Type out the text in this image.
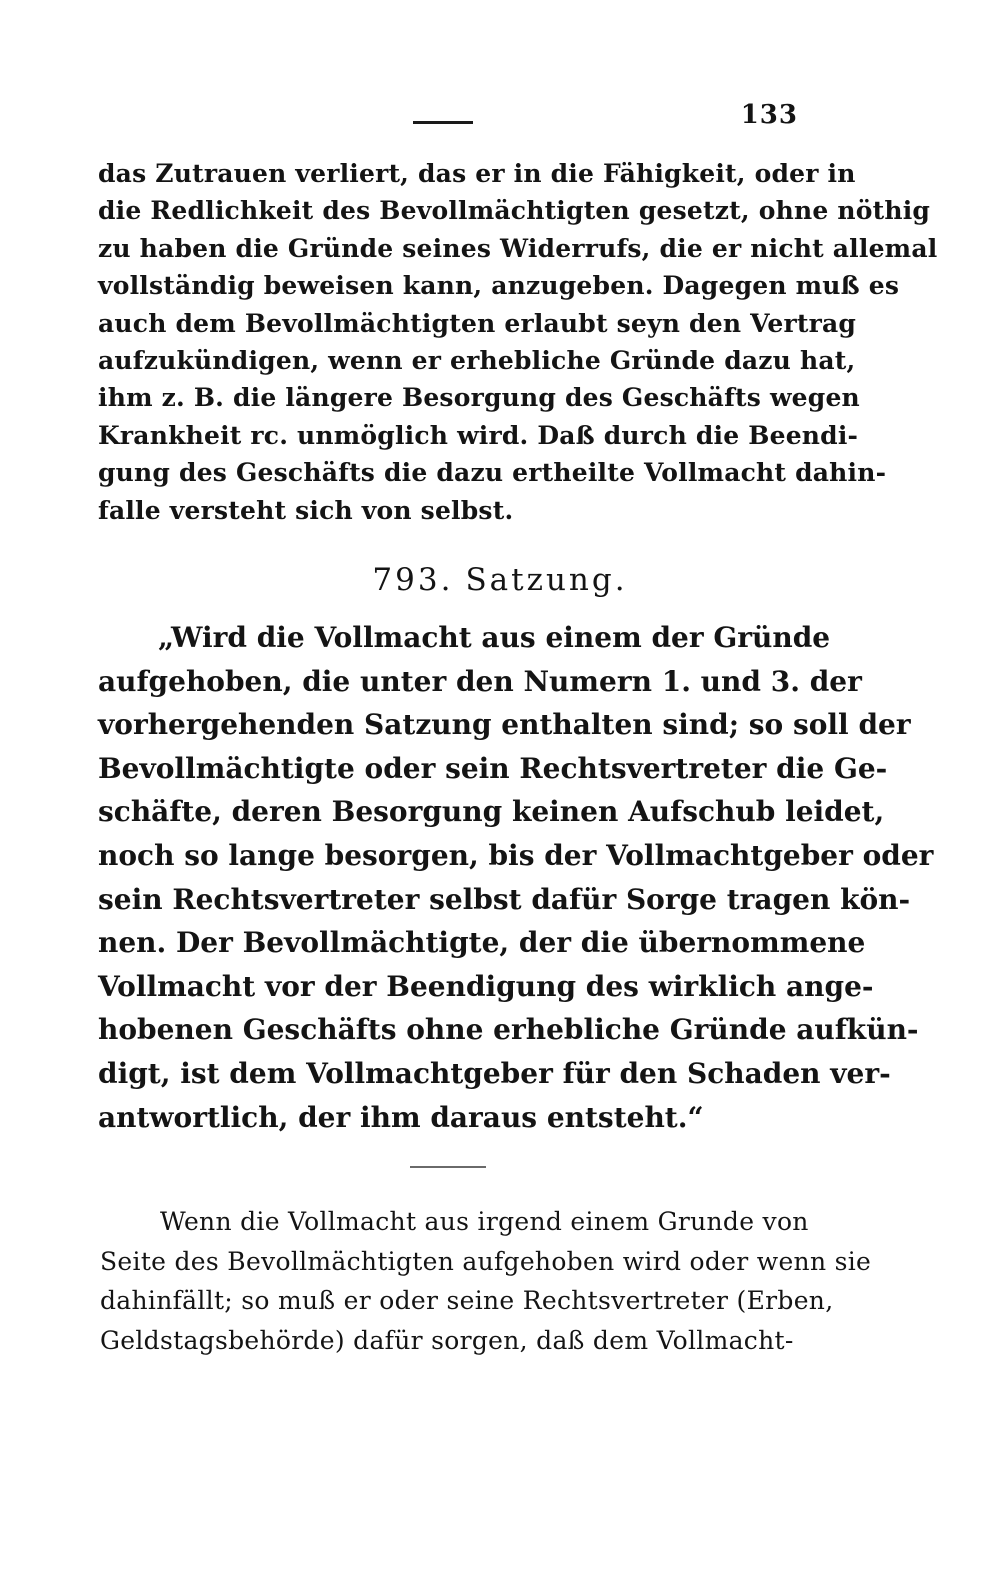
133
das Zutrauen verliert, das er in die Fähigkeit, oder in
die Redlichkeit des Bevollmächtigten gesetzt, ohne nöthig
zu haben die Gründe seines Widerrufs, die er nicht allemal
vollständig beweisen kann, anzugeben. Dagegen muß es
auch dem Bevollmächtigten erlaubt seyn den Vertrag
aufzukündigen, wenn er erhebliche Gründe dazu hat,
ihm z. B. die längere Besorgung des Geschäfts wegen
Krankheit rc. unmöglich wird. Daß durch die Beendi-
gung des Geschäfts die dazu ertheilte Vollmacht dahin-
falle versteht sich von selbst.
793. Satzung.
„Wird die Vollmacht aus einem der Gründe
aufgehoben, die unter den Numern 1. und 3. der
vorhergehenden Satzung enthalten sind; so soll der
Bevollmächtigte oder sein Rechtsvertreter die Ge-
schäfte, deren Besorgung keinen Aufschub leidet,
noch so lange besorgen, bis der Vollmachtgeber oder
sein Rechtsvertreter selbst dafür Sorge tragen kön-
nen. Der Bevollmächtigte, der die übernommene
Vollmacht vor der Beendigung des wirklich ange-
hobenen Geschäfts ohne erhebliche Gründe aufkün-
digt, ist dem Vollmachtgeber für den Schaden ver-
antwortlich, der ihm daraus entsteht.“
Wenn die Vollmacht aus irgend einem Grunde von
Seite des Bevollmächtigten aufgehoben wird oder wenn sie
dahinfällt; so muß er oder seine Rechtsvertreter (Erben,
Geldstagsbehörde) dafür sorgen, daß dem Vollmacht-
